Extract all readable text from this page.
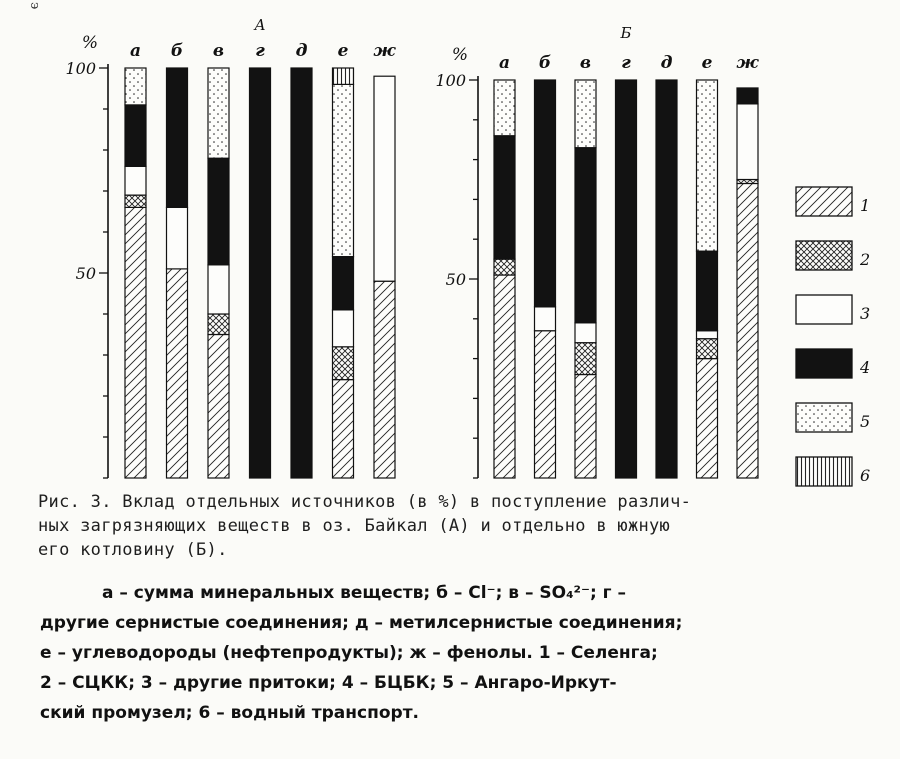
э
50
100
%
А
а б в г д е ж
50
100
%
Б
а б в г д е ж
1
2
3
4
5
6

Рис. 3. Вклад отдельных источников (в %) в поступление различ-

ных загрязняющих веществ в оз. Байкал (А) и отдельно в южную

его котловину (Б).

а – сумма минеральных веществ; б – Cl⁻; в – SO₄²⁻; г –

другие сернистые соединения; д – метилсернистые соединения;

е – углеводороды (нефтепродукты); ж – фенолы. 1 – Селенга;

2 – СЦКК; 3 – другие притоки; 4 – БЦБК; 5 – Ангаро-Иркут-

ский промузел; 6 – водный транспорт.
